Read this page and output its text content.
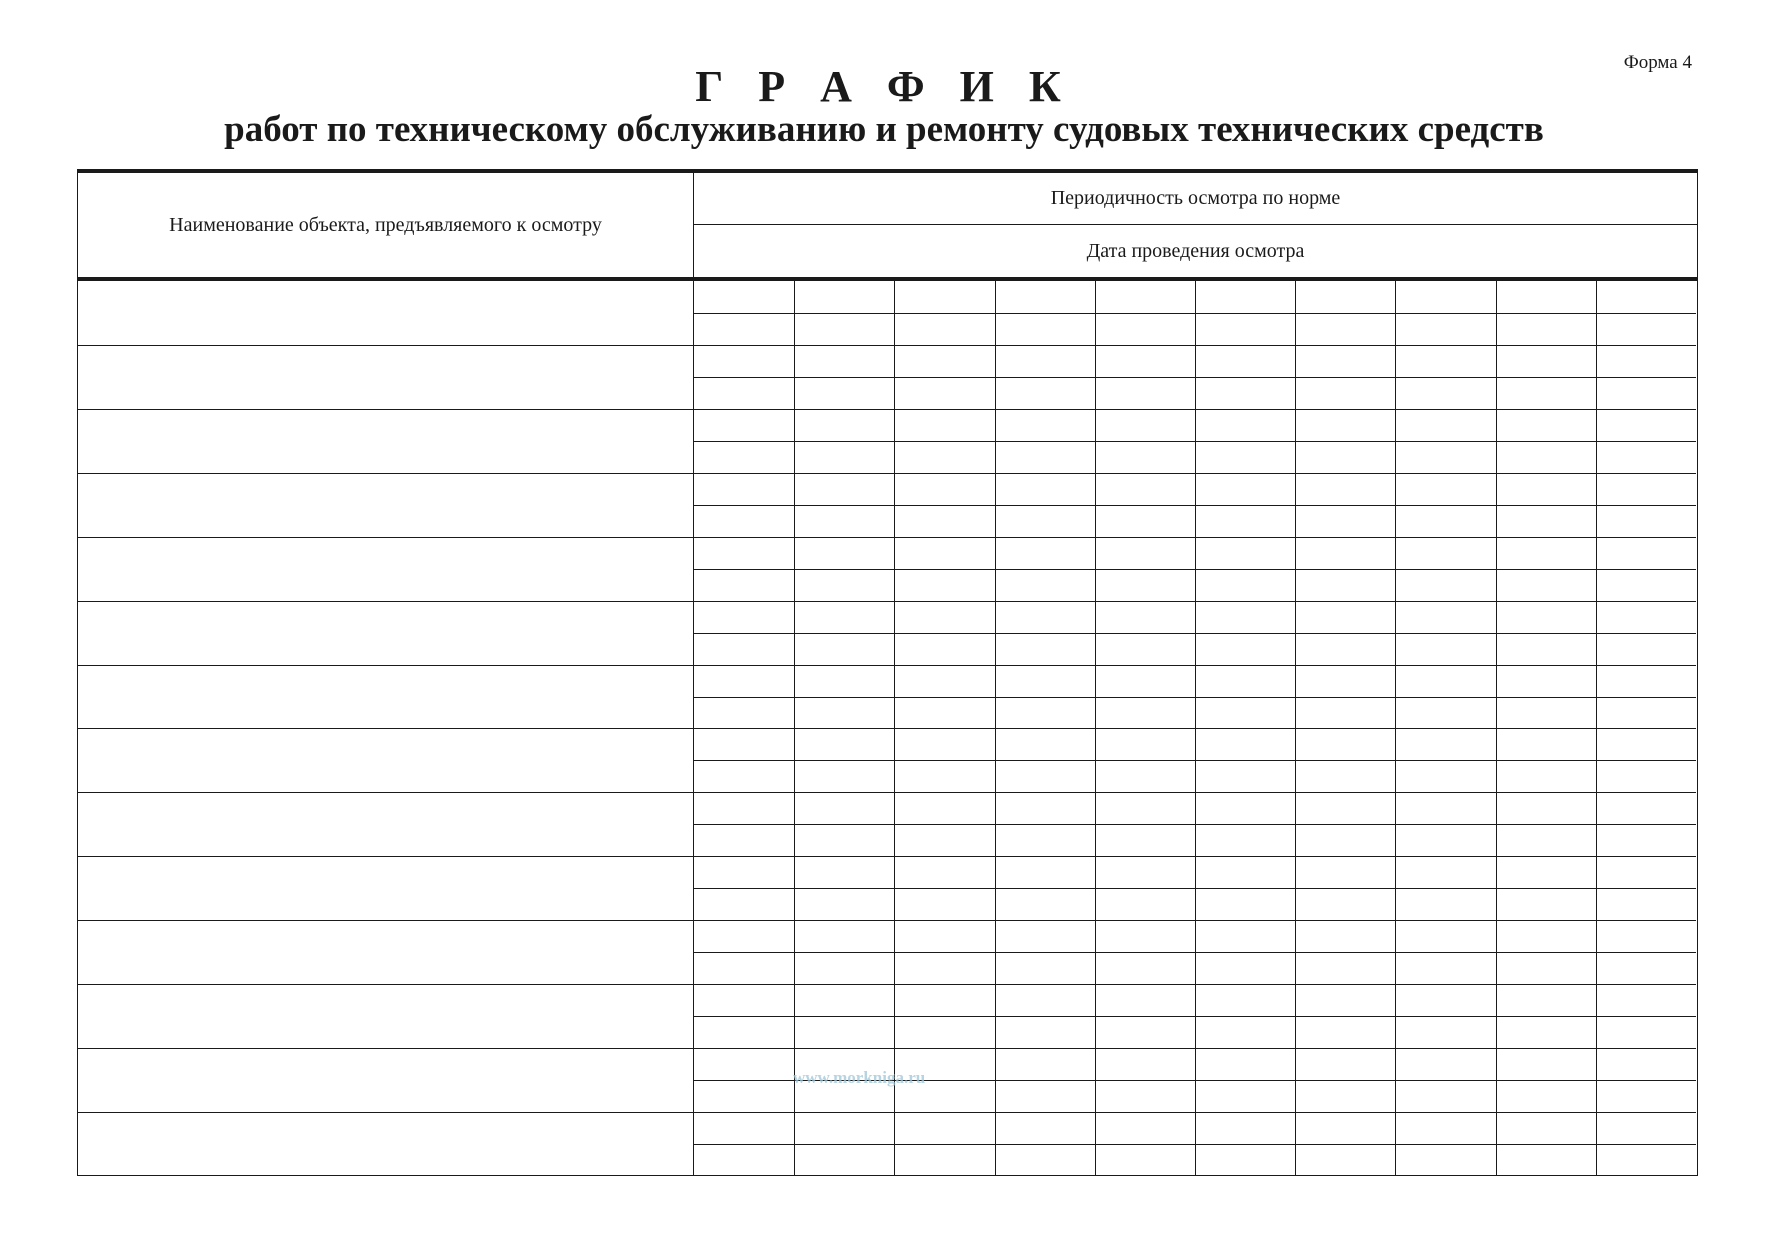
Форма 4
Г Р А Ф И К
работ по техническому обслуживанию и ремонту судовых технических средств
Наименование объекта, предъявляемого к осмотру
Периодичность осмотра по норме
Дата проведения осмотра
www.morkniga.ru
